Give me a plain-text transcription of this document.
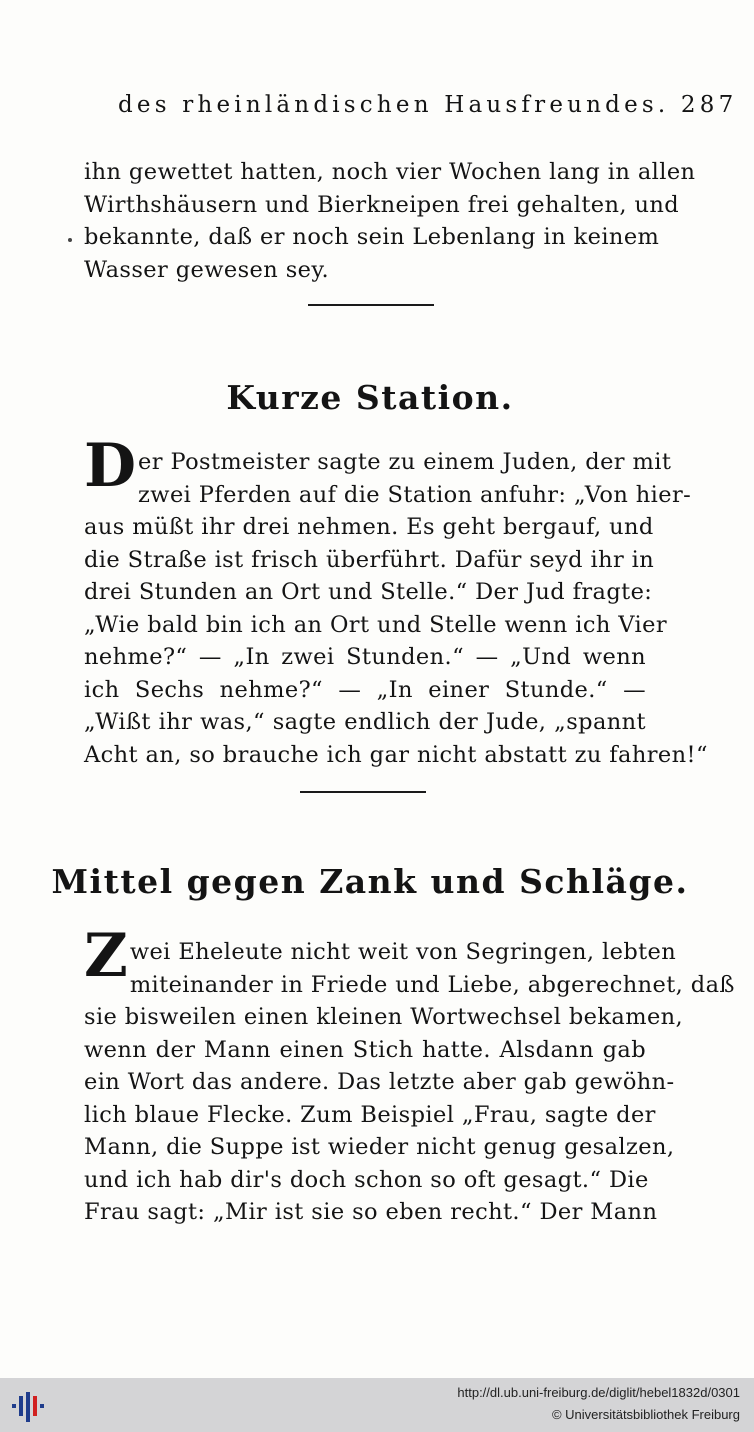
des rheinländischen Hausfreundes. 287
ihn gewettet hatten, noch vier Wochen lang in allen
Wirthshäusern und Bierkneipen frei gehalten, und
bekannte, daß er noch sein Lebenlang in keinem
Wasser gewesen sey.
Kurze Station.
D er Postmeister sagte zu einem Juden, der mit
zwei Pferden auf die Station anfuhr: „Von hier-
aus müßt ihr drei nehmen. Es geht bergauf, und
die Straße ist frisch überführt. Dafür seyd ihr in
drei Stunden an Ort und Stelle.“ Der Jud fragte:
„Wie bald bin ich an Ort und Stelle wenn ich Vier
nehme?“ — „In zwei Stunden.“ — „Und wenn
ich Sechs nehme?“ — „In einer Stunde.“ —
„Wißt ihr was,“ sagte endlich der Jude, „spannt
Acht an, so brauche ich gar nicht abstatt zu fahren!“
Mittel gegen Zank und Schläge.
Z wei Eheleute nicht weit von Segringen, lebten
miteinander in Friede und Liebe, abgerechnet, daß
sie bisweilen einen kleinen Wortwechsel bekamen,
wenn der Mann einen Stich hatte. Alsdann gab
ein Wort das andere. Das letzte aber gab gewöhn-
lich blaue Flecke. Zum Beispiel „Frau, sagte der
Mann, die Suppe ist wieder nicht genug gesalzen,
und ich hab dir's doch schon so oft gesagt.“ Die
Frau sagt: „Mir ist sie so eben recht.“ Der Mann
http://dl.ub.uni-freiburg.de/diglit/hebel1832d/0301
© Universitätsbibliothek Freiburg
